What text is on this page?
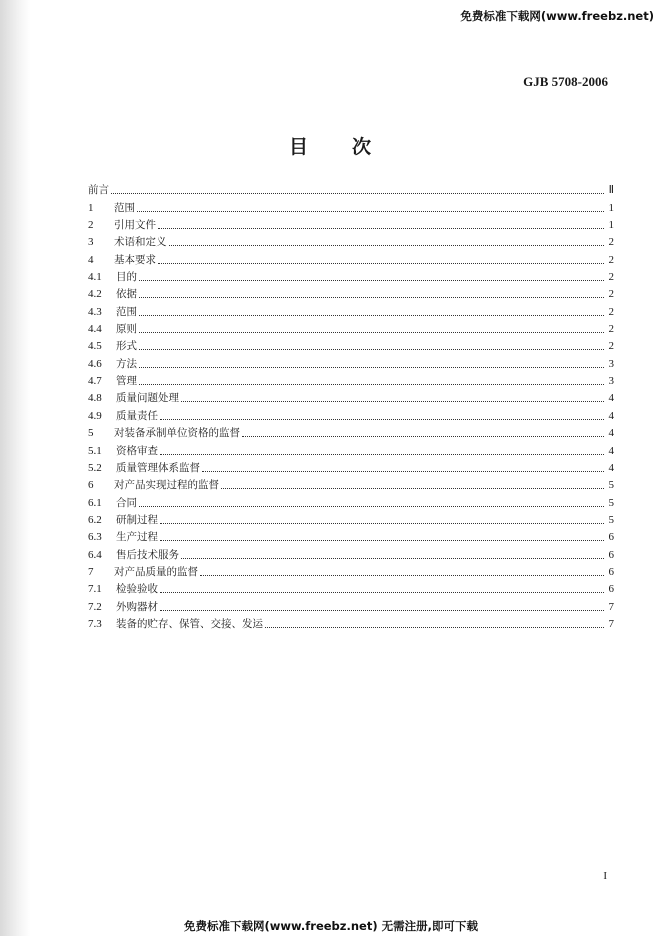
免费标准下载网(www.freebz.net)
GJB 5708-2006
目　　次
前言	Ⅱ
1	范围	1
2	引用文件	1
3	术语和定义	2
4	基本要求	2
4.1	目的	2
4.2	依据	2
4.3	范围	2
4.4	原则	2
4.5	形式	2
4.6	方法	3
4.7	管理	3
4.8	质量问题处理	4
4.9	质量责任	4
5	对装备承制单位资格的监督	4
5.1	资格审查	4
5.2	质量管理体系监督	4
6	对产品实现过程的监督	5
6.1	合同	5
6.2	研制过程	5
6.3	生产过程	6
6.4	售后技术服务	6
7	对产品质量的监督	6
7.1	检验验收	6
7.2	外购器材	7
7.3	装备的贮存、保管、交接、发运	7
I
免费标准下载网(www.freebz.net) 无需注册,即可下载
